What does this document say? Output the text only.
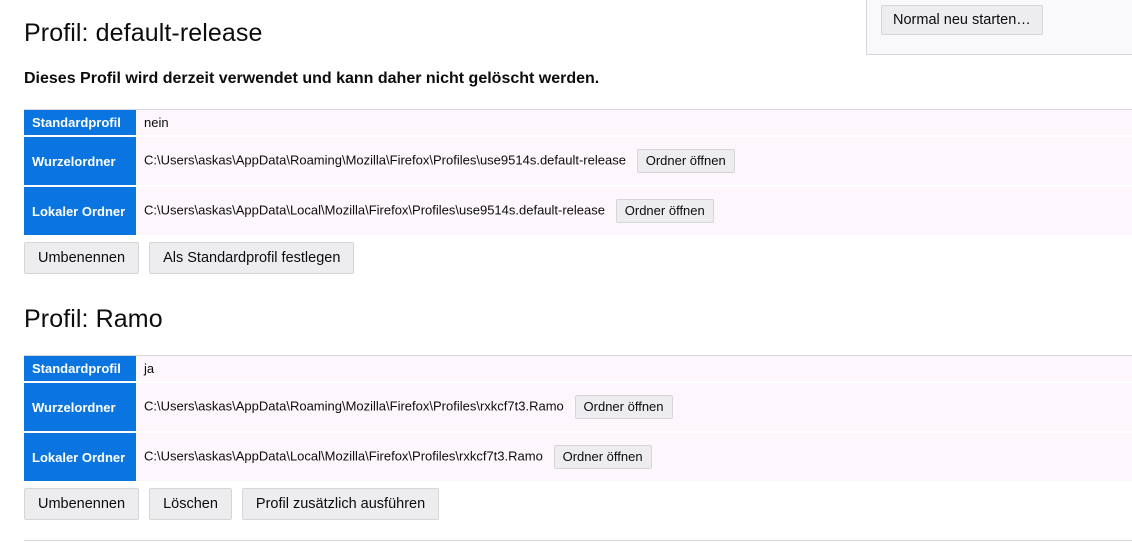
Normal neu starten…
Profil: default-release
Dieses Profil wird derzeit verwendet und kann daher nicht gelöscht werden.
Standardprofil	nein
Wurzelordner	C:\Users\askas\AppData\Roaming\Mozilla\Firefox\Profiles\use9514s.default-release Ordner öffnen
Lokaler Ordner	C:\Users\askas\AppData\Local\Mozilla\Firefox\Profiles\use9514s.default-release Ordner öffnen
Umbenennen	Als Standardprofil festlegen
Profil: Ramo
Standardprofil	ja
Wurzelordner	C:\Users\askas\AppData\Roaming\Mozilla\Firefox\Profiles\rxkcf7t3.Ramo Ordner öffnen
Lokaler Ordner	C:\Users\askas\AppData\Local\Mozilla\Firefox\Profiles\rxkcf7t3.Ramo Ordner öffnen
Umbenennen	Löschen	Profil zusätzlich ausführen
